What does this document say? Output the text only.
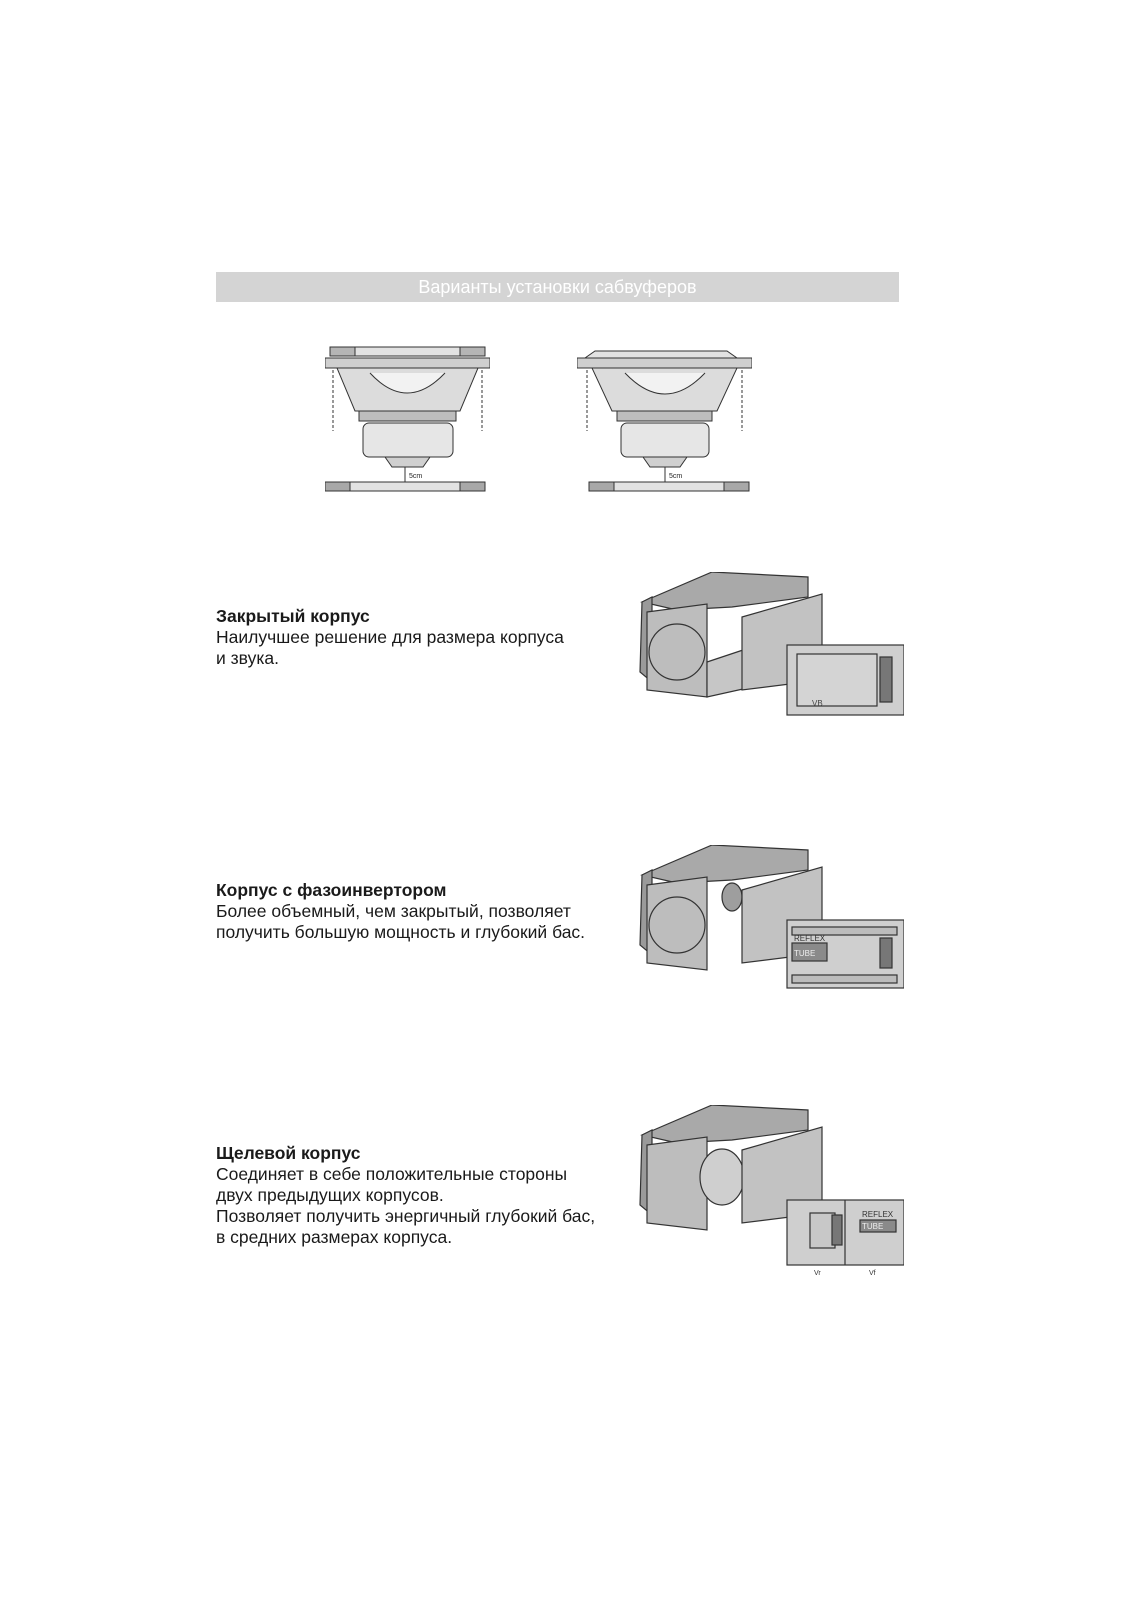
Варианты установки сабвуферов
5cm	5cm
Закрытый корпус

Наилучшее решение для размера корпуса

и звука.

VB
Корпус с фазоинвертором

Более объемный, чем закрытый, позволяет

получить большую мощность и глубокий бас.	REFLEX
TUBE
Щелевой корпус

Соединяет в себе положительные стороны

двух предыдущих корпусов.

Позволяет получить энергичный глубокий бас,

в средних размерах корпуса.

REFLEX
TUBE
Vr	Vf
